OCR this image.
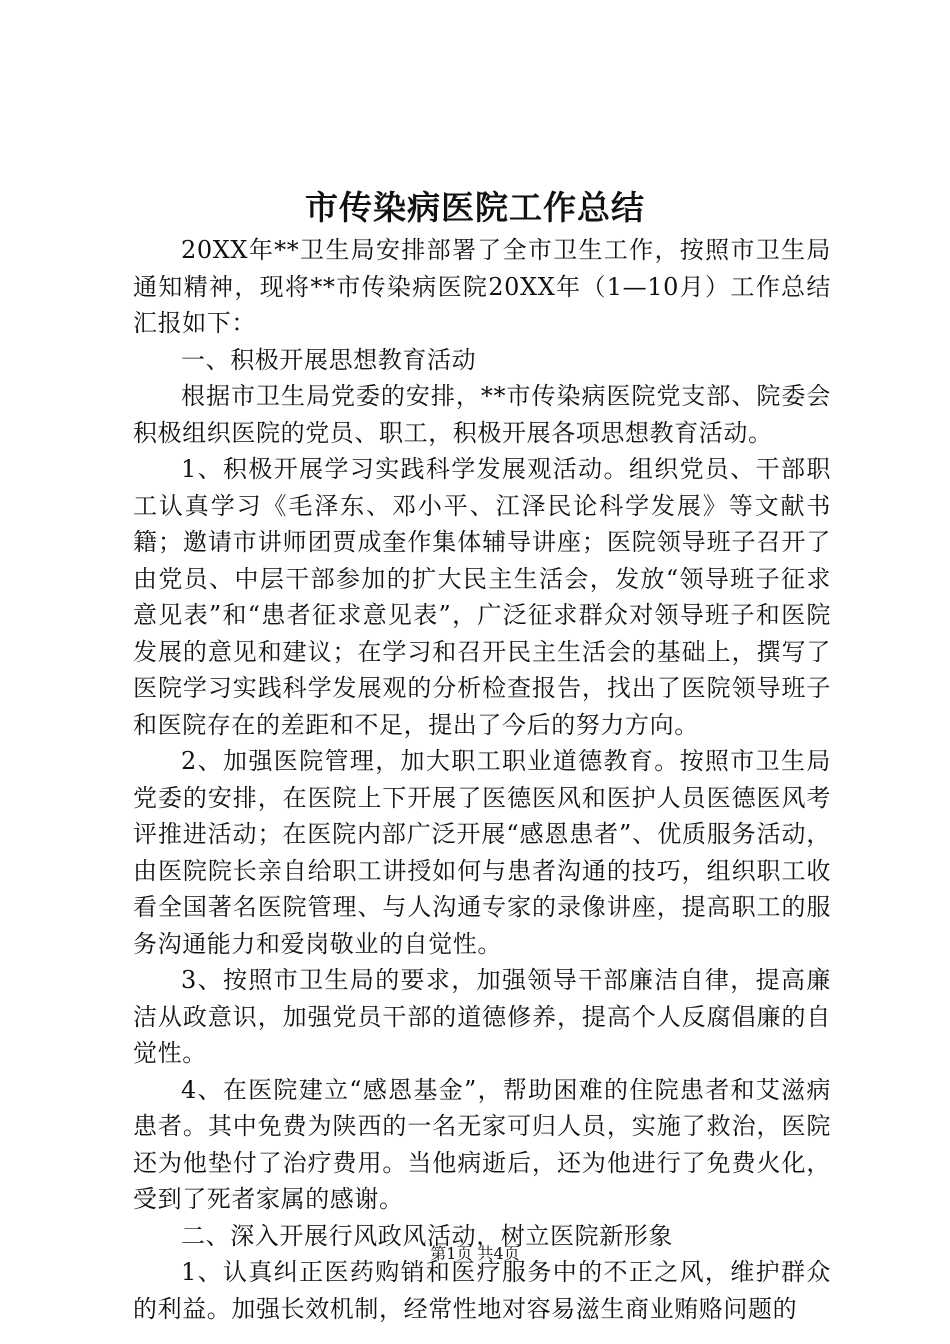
市传染病医院工作总结

20XX年**卫生局安排部署了全市卫生工作，按照市卫生局通知精神，现将**市传染病医院20XX年（1—10月）工作总结汇报如下：

一、积极开展思想教育活动

根据市卫生局党委的安排，**市传染病医院党支部、院委会积极组织医院的党员、职工，积极开展各项思想教育活动。

1、积极开展学习实践科学发展观活动。组织党员、干部职工认真学习《毛泽东、邓小平、江泽民论科学发展》等文献书籍；邀请市讲师团贾成奎作集体辅导讲座；医院领导班子召开了由党员、中层干部参加的扩大民主生活会，发放“领导班子征求意见表”和“患者征求意见表”，广泛征求群众对领导班子和医院发展的意见和建议；在学习和召开民主生活会的基础上，撰写了医院学习实践科学发展观的分析检查报告，找出了医院领导班子和医院存在的差距和不足，提出了今后的努力方向。

2、加强医院管理，加大职工职业道德教育。按照市卫生局党委的安排，在医院上下开展了医德医风和医护人员医德医风考评推进活动；在医院内部广泛开展“感恩患者”、优质服务活动，由医院院长亲自给职工讲授如何与患者沟通的技巧，组织职工收看全国著名医院管理、与人沟通专家的录像讲座，提高职工的服务沟通能力和爱岗敬业的自觉性。

3、按照市卫生局的要求，加强领导干部廉洁自律，提高廉洁从政意识，加强党员干部的道德修养，提高个人反腐倡廉的自觉性。

4、在医院建立“感恩基金”，帮助困难的住院患者和艾滋病患者。其中免费为陕西的一名无家可归人员，实施了救治，医院还为他垫付了治疗费用。当他病逝后，还为他进行了免费火化，受到了死者家属的感谢。

二、深入开展行风政风活动，树立医院新形象

1、认真纠正医药购销和医疗服务中的不正之风，维护群众的利益。加强长效机制，经常性地对容易滋生商业贿赂问题的

第1页 共4页
